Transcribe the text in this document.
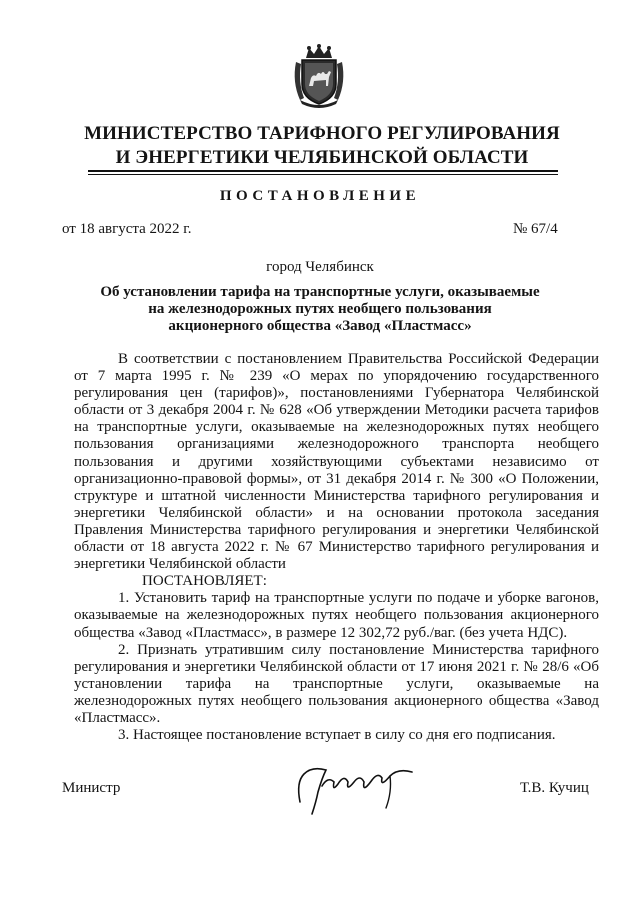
МИНИСТЕРСТВО ТАРИФНОГО РЕГУЛИРОВАНИЯ
И ЭНЕРГЕТИКИ ЧЕЛЯБИНСКОЙ ОБЛАСТИ
ПОСТАНОВЛЕНИЕ
от 18 августа 2022 г.	№ 67/4
город Челябинск
Об установлении тарифа на транспортные услуги, оказываемые
на железнодорожных путях необщего пользования
акционерного общества «Завод «Пластмасс»

В соответствии с постановлением Правительства Российской Федерации от 7 марта 1995 г. № 239 «О мерах по упорядочению государственного регулирования цен (тарифов)», постановлениями Губернатора Челябинской области от 3 декабря 2004 г. № 628 «Об утверждении Методики расчета тарифов на транспортные услуги, оказываемые на железнодорожных путях необщего пользования организациями железнодорожного транспорта необщего пользования и другими хозяйствующими субъектами независимо от организационно-правовой формы», от 31 декабря 2014 г. № 300 «О Положении, структуре и штатной численности Министерства тарифного регулирования и энергетики Челябинской области» и на основании протокола заседания Правления Министерства тарифного регулирования и энергетики Челябинской области от 18 августа 2022 г. № 67 Министерство тарифного регулирования и энергетики Челябинской области

ПОСТАНОВЛЯЕТ:

1. Установить тариф на транспортные услуги по подаче и уборке вагонов, оказываемые на железнодорожных путях необщего пользования акционерного общества «Завод «Пластмасс», в размере 12 302,72 руб./ваг. (без учета НДС).

2. Признать утратившим силу постановление Министерства тарифного регулирования и энергетики Челябинской области от 17 июня 2021 г. № 28/6 «Об установлении тарифа на транспортные услуги, оказываемые на железнодорожных путях необщего пользования акционерного общества «Завод «Пластмасс».

3. Настоящее постановление вступает в силу со дня его подписания.

Министр	Т.В. Кучиц
